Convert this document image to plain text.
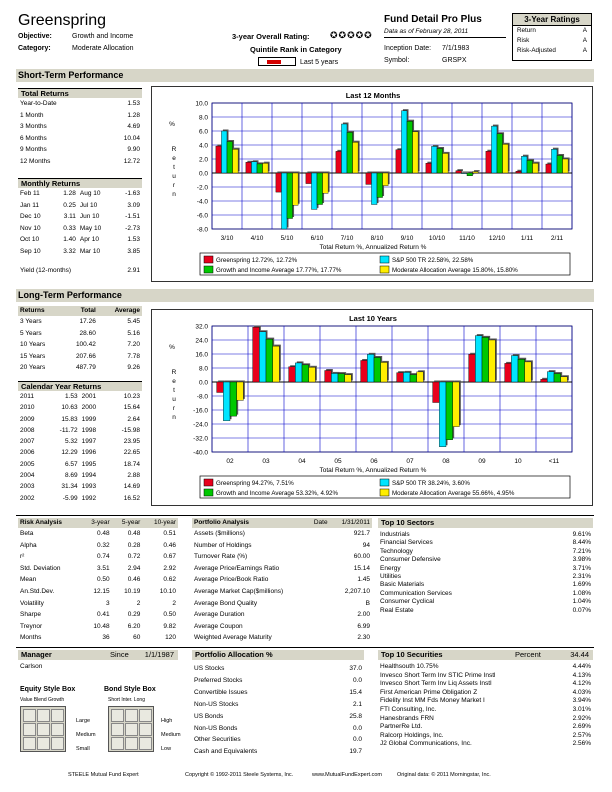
Greenspring
Objective:	Growth and Income
Category:	Moderate Allocation
3-year Overall Rating: ✪✪✪✪✪
Quintile Rank in Category
Last 5 years
Fund Detail Pro Plus
Data as of February 28, 2011
Inception Date: 7/1/1983
Symbol:	GRSPX
3-Year Ratings
Return	A
Risk	A
Risk-Adjusted	A
Short-Term Performance
Total Returns
Year-to-Date	1.53
1 Month	1.28
3 Months	4.69
6 Months	10.04
9 Months	9.90
12 Months	12.72
Monthly Returns
Feb 11	1.28	Aug 10	-1.63
Jan 11	0.25	Jul 10	3.09
Dec 10	3.11	Jun 10	-1.51
Nov 10	0.33	May 10	-2.73
Oct 10	1.40	Apr 10	1.53
Sep 10	3.32	Mar 10	3.85
Yield (12-months)	2.91
Last 12 Months
10.0
8.0
6.0
4.0
2.0
0.0
-2.0
-4.0
-6.0
-8.0
% R e t u r n
3/10	4/10	5/10	6/10	7/10	8/10	9/10 10/10 11/10 12/10 1/11	2/11
Total Return %, Annualized Return %
Greenspring 12.72%, 12.72%	S&P 500 TR 22.58%, 22.58%
Growth and Income Average 17.77%, 17.77%	Moderate Allocation Average 15.80%, 15.80%
Long-Term Performance
Returns	Total	Average
3 Years	17.26	5.45
5 Years	28.60	5.16
10 Years	100.42	7.20
15 Years	207.66	7.78
20 Years	487.79	9.26
Calendar Year Returns
2011	1.53	2001	10.23
2010	10.63	2000	15.64
2009	15.83	1999	2.64
2008	-11.72	1998	-15.98
2007	5.32	1997	23.95
2006	12.29	1996	22.65
2005	6.57	1995	18.74
2004	8.69	1994	2.88
2003	31.34	1993	14.69
2002	-5.99	1992	16.52
Last 10 Years
32.0
24.0
16.0
8.0
0.0
-8.0
-16.0
-24.0
-32.0
-40.0
% R e t u r n
02	03	04	05	06	07	08	09	10	<11
Total Return %, Annualized Return %
Greenspring 94.27%, 7.51%	S&P 500 TR 38.24%, 3.60%
Growth and Income Average 53.32%, 4.92%	Moderate Allocation Average 55.66%, 4.95%
Risk Analysis	3-year	5-year	10-year
Beta	0.48	0.48	0.51
Alpha	0.32	0.28	0.46
r²	0.74	0.72	0.67
Std. Deviation	3.51	2.94	2.92
Mean	0.50	0.46	0.62
An.Std.Dev.	12.15	10.19	10.10
Volatility	3	2	2
Sharpe	0.41	0.29	0.50
Treynor	10.48	6.20	9.82
Months	36	60	120
Portfolio Analysis	Date 1/31/2011
Assets ($millions)	921.7
Number of Holdings	94
Turnover Rate (%)	60.00
Average Price/Earnings Ratio	15.14
Average Price/Book Ratio	1.45
Average Market Cap($millions)	2,207.10
Average Bond Quality	B
Average Duration	2.00
Average Coupon	6.99
Weighted Average Maturity	2.30
Top 10 Sectors
Industrials	9.61%
Financial Services	8.44%
Technology	7.21%
Consumer Defensive	3.98%
Energy	3.71%
Utilities	2.31%
Basic Materials	1.69%
Communication Services	1.08%
Consumer Cyclical	1.04%
Real Estate	0.07%
Manager	Since 1/1/1987
Carlson
Equity Style Box
Value Blend Growth
Large
Medium
Small
Bond Style Box
Short Inter. Long
High
Medium
Low
Portfolio Allocation %
US Stocks	37.0
Preferred Stocks	0.0
Convertible Issues	15.4
Non-US Stocks	2.1
US Bonds	25.8
Non-US Bonds	0.0
Other Securities	0.0
Cash and Equivalents	19.7
Top 10 Securities	Percent	34.44
Healthsouth 10.75%	4.44%
Invesco Short Term Inv STIC Prime Instl	4.13%
Invesco Short Term Inv Liq Assets Instl	4.12%
First American Prime Obligation Z	4.03%
Fidelity Inst MM Fds Money Market I	3.94%
FTI Consulting, Inc.	3.01%
Hanesbrands FRN	2.92%
PartnerRe Ltd.	2.69%
Ralcorp Holdings, Inc.	2.57%
J2 Global Communications, Inc.	2.56%
STEELE Mutual Fund Expert	Copyright © 1992-2011 Steele Systems, Inc.	www.MutualFundExpert.com	Original data: © 2011 Morningstar, Inc.
